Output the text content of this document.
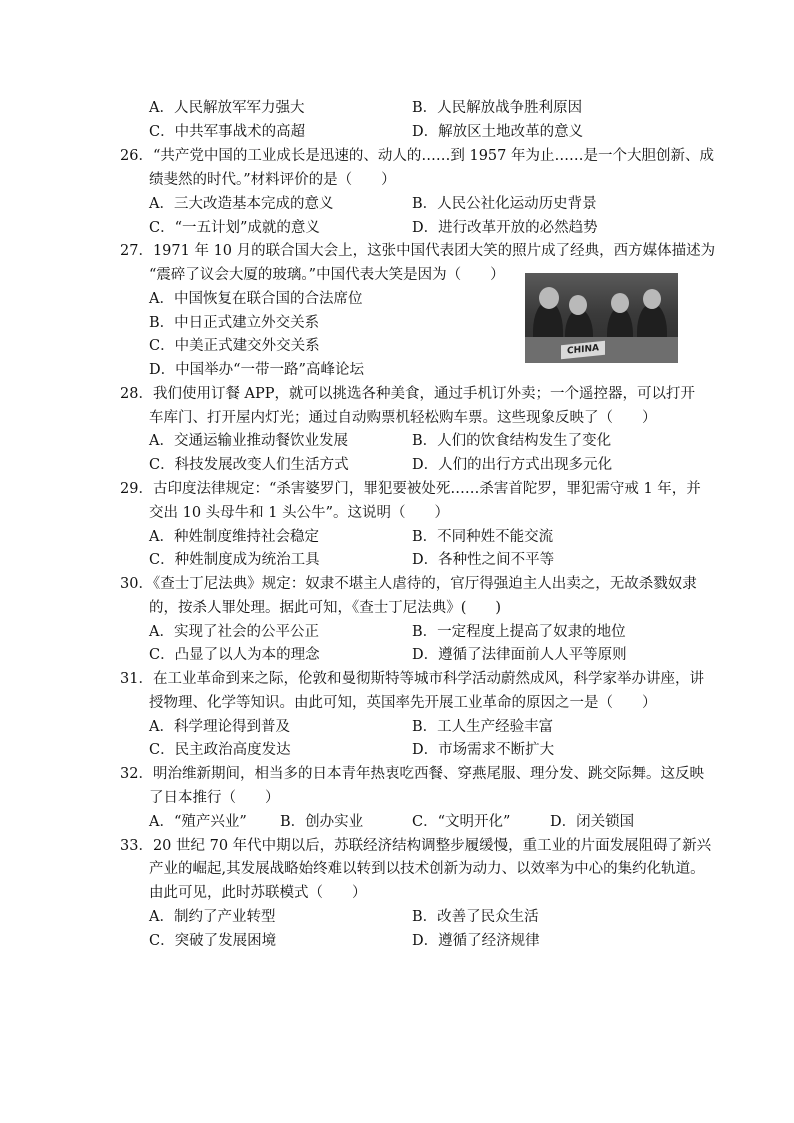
A．人民解放军军力强大	B．人民解放战争胜利原因
C．中共军事战术的高超	D．解放区土地改革的意义
26．“共产党中国的工业成长是迅速的、动人的……到 1957 年为止……是一个大胆创新、成
绩斐然的时代。”材料评价的是（　　）
A．三大改造基本完成的意义	B．人民公社化运动历史背景
C．“一五计划”成就的意义	D．进行改革开放的必然趋势
27．1971 年 10 月的联合国大会上，这张中国代表团大笑的照片成了经典，西方媒体描述为
“震碎了议会大厦的玻璃。”中国代表大笑是因为（　　）
A．中国恢复在联合国的合法席位
B．中日正式建立外交关系
C．中美正式建交外交关系
D．中国举办“一带一路”高峰论坛
CHINA
28．我们使用订餐 APP，就可以挑选各种美食，通过手机订外卖；一个遥控器，可以打开
车库门、打开屋内灯光；通过自动购票机轻松购车票。这些现象反映了（　　）
A．交通运输业推动餐饮业发展	B．人们的饮食结构发生了变化
C．科技发展改变人们生活方式	D．人们的出行方式出现多元化
29．古印度法律规定：“杀害婆罗门，罪犯要被处死……杀害首陀罗，罪犯需守戒 1 年，并
交出 10 头母牛和 1 头公牛”。这说明（　　）
A．种姓制度维持社会稳定	B．不同种姓不能交流
C．种姓制度成为统治工具	D．各种性之间不平等
30．《查士丁尼法典》规定：奴隶不堪主人虐待的，官厅得强迫主人出卖之，无故杀戮奴隶
的，按杀人罪处理。据此可知，《查士丁尼法典》(　　)
A．实现了社会的公平公正	B．一定程度上提高了奴隶的地位
C．凸显了以人为本的理念	D．遵循了法律面前人人平等原则
31．在工业革命到来之际，伦敦和曼彻斯特等城市科学活动蔚然成风，科学家举办讲座，讲
授物理、化学等知识。由此可知，英国率先开展工业革命的原因之一是（　　）
A．科学理论得到普及	B．工人生产经验丰富
C．民主政治高度发达	D．市场需求不断扩大
32．明治维新期间，相当多的日本青年热衷吃西餐、穿燕尾服、理分发、跳交际舞。这反映
了日本推行（　　）
A．“殖产兴业” B．创办实业	C．“文明开化”	D．闭关锁国
33．20 世纪 70 年代中期以后，苏联经济结构调整步履缓慢，重工业的片面发展阻碍了新兴
产业的崛起,其发展战略始终难以转到以技术创新为动力、以效率为中心的集约化轨道。
由此可见，此时苏联模式（　　）
A．制约了产业转型	B．改善了民众生活
C．突破了发展困境	D．遵循了经济规律
